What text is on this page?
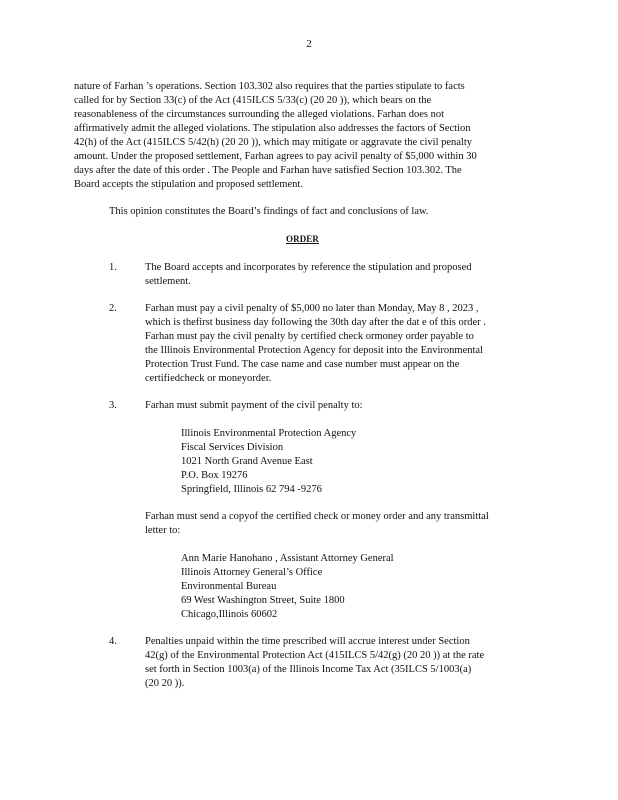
2
nature of Farhan ’s operations. Section 103.302 also requires that the parties stipulate to facts
called for by Section 33(c) of the Act (415ILCS 5/33(c) (20 20 )), which bears on the
reasonableness of the circumstances surrounding the alleged violations. Farhan does not
affirmatively admit the alleged violations. The stipulation also addresses the factors of Section
42(h) of the Act (415ILCS 5/42(h) (20 20 )), which may mitigate or aggravate the civil penalty
amount. Under the proposed settlement, Farhan agrees to pay acivil penalty of $5,000 within 30
days after the date of this order . The People and Farhan have satisfied Section 103.302. The
Board accepts the stipulation and proposed settlement.
This opinion constitutes the Board’s findings of fact and conclusions of law.
ORDER
1.	The Board accepts and incorporates by reference the stipulation and proposed
settlement.
2.	Farhan must pay a civil penalty of $5,000 no later than Monday, May 8 , 2023 ,
which is thefirst business day following the 30th day after the dat e of this order .
Farhan must pay the civil penalty by certified check ormoney order payable to
the Illinois Environmental Protection Agency for deposit into the Environmental
Protection Trust Fund. The case name and case number must appear on the
certifiedcheck or moneyorder.
3.	Farhan must submit payment of the civil penalty to:
Illinois Environmental Protection Agency
Fiscal Services Division
1021 North Grand Avenue East
P.O. Box 19276
Springfield, Illinois 62 794 -9276
Farhan must send a copyof the certified check or money order and any transmittal
letter to:
Ann Marie Hanohano , Assistant Attorney General
Illinois Attorney General’s Office
Environmental Bureau
69 West Washington Street, Suite 1800
Chicago,Illinois 60602
4.	Penalties unpaid within the time prescribed will accrue interest under Section
42(g) of the Environmental Protection Act (415ILCS 5/42(g) (20 20 )) at the rate
set forth in Section 1003(a) of the Illinois Income Tax Act (35ILCS 5/1003(a)
(20 20 )).
